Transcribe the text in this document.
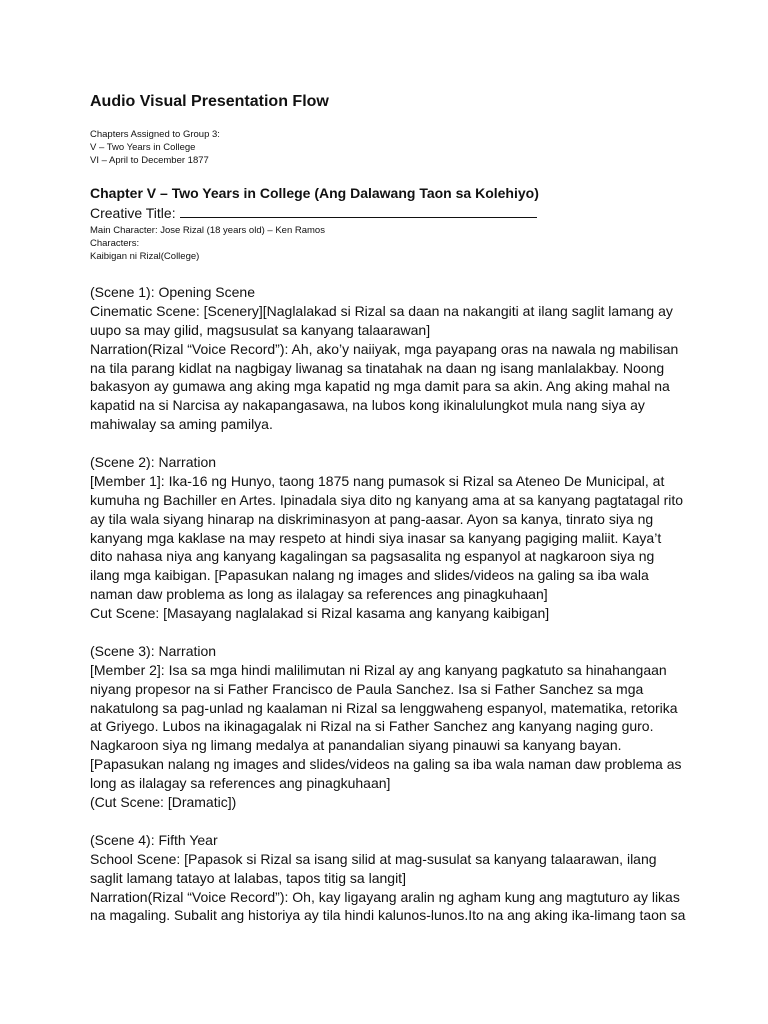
Audio Visual Presentation Flow
Chapters Assigned to Group 3:
V – Two Years in College
VI – April to December 1877
Chapter V – Two Years in College (Ang Dalawang Taon sa Kolehiyo)
Creative Title:
Main Character: Jose Rizal (18 years old) – Ken Ramos
Characters:
Kaibigan ni Rizal(College)
(Scene 1): Opening Scene
Cinematic Scene: [Scenery][Naglalakad si Rizal sa daan na nakangiti at ilang saglit lamang ay
uupo sa may gilid, magsusulat sa kanyang talaarawan]
Narration(Rizal “Voice Record”): Ah, ako’y naiiyak, mga payapang oras na nawala ng mabilisan
na tila parang kidlat na nagbigay liwanag sa tinatahak na daan ng isang manlalakbay. Noong
bakasyon ay gumawa ang aking mga kapatid ng mga damit para sa akin. Ang aking mahal na
kapatid na si Narcisa ay nakapangasawa, na lubos kong ikinalulungkot mula nang siya ay
mahiwalay sa aming pamilya.
(Scene 2): Narration
[Member 1]: Ika-16 ng Hunyo, taong 1875 nang pumasok si Rizal sa Ateneo De Municipal, at
kumuha ng Bachiller en Artes. Ipinadala siya dito ng kanyang ama at sa kanyang pagtatagal rito
ay tila wala siyang hinarap na diskriminasyon at pang-aasar. Ayon sa kanya, tinrato siya ng
kanyang mga kaklase na may respeto at hindi siya inasar sa kanyang pagiging maliit. Kaya’t
dito nahasa niya ang kanyang kagalingan sa pagsasalita ng espanyol at nagkaroon siya ng
ilang mga kaibigan. [Papasukan nalang ng images and slides/videos na galing sa iba wala
naman daw problema as long as ilalagay sa references ang pinagkuhaan]
Cut Scene: [Masayang naglalakad si Rizal kasama ang kanyang kaibigan]
(Scene 3): Narration
[Member 2]: Isa sa mga hindi malilimutan ni Rizal ay ang kanyang pagkatuto sa hinahangaan
niyang propesor na si Father Francisco de Paula Sanchez. Isa si Father Sanchez sa mga
nakatulong sa pag-unlad ng kaalaman ni Rizal sa lenggwaheng espanyol, matematika, retorika
at Griyego. Lubos na ikinagagalak ni Rizal na si Father Sanchez ang kanyang naging guro.
Nagkaroon siya ng limang medalya at panandalian siyang pinauwi sa kanyang bayan.
[Papasukan nalang ng images and slides/videos na galing sa iba wala naman daw problema as
long as ilalagay sa references ang pinagkuhaan]
(Cut Scene: [Dramatic])
(Scene 4): Fifth Year
School Scene: [Papasok si Rizal sa isang silid at mag-susulat sa kanyang talaarawan, ilang
saglit lamang tatayo at lalabas, tapos titig sa langit]
Narration(Rizal “Voice Record”): Oh, kay ligayang aralin ng agham kung ang magtuturo ay likas
na magaling. Subalit ang historiya ay tila hindi kalunos-lunos.Ito na ang aking ika-limang taon sa
